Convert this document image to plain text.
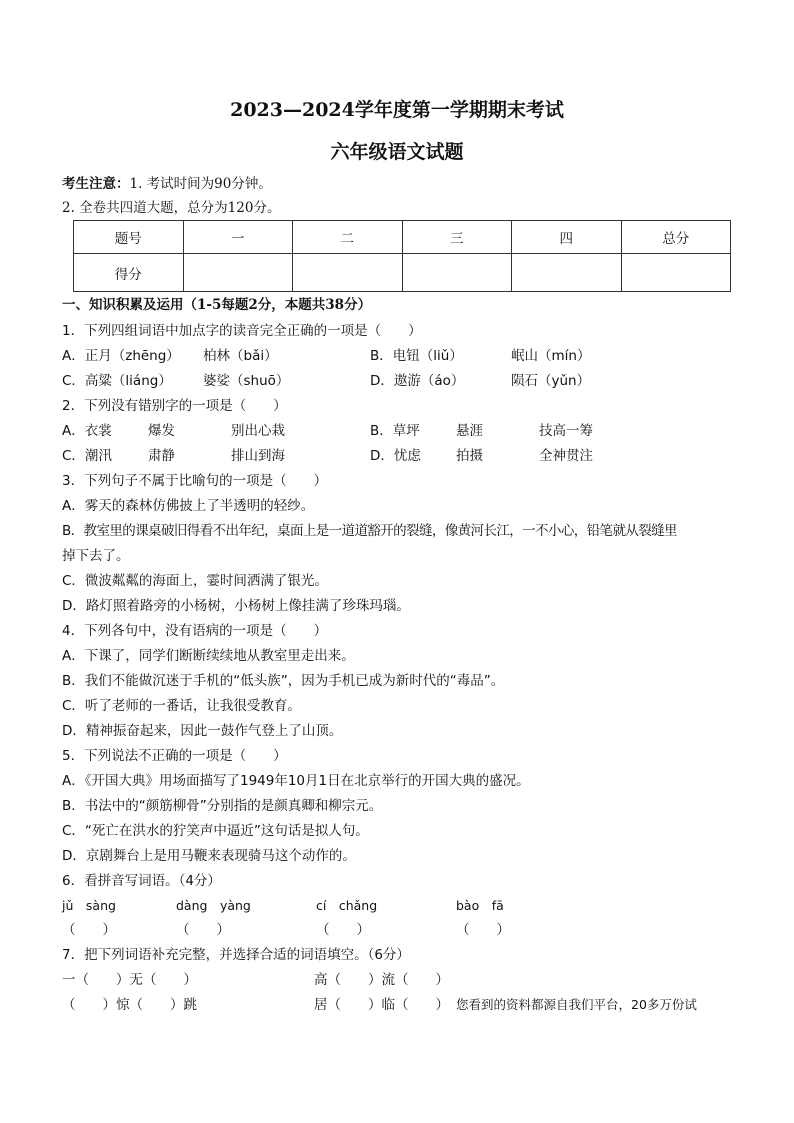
2023—2024学年度第一学期期末考试
六年级语文试题
考生注意：1. 考试时间为90分钟。
2. 全卷共四道大题，总分为120分。
题号	一	二	三	四	总分
得分					
一、知识积累及运用（1-5每题2分，本题共38分）
1．下列四组词语中加点字的读音完全正确的一项是（　　）
A．正月（zhēng） 柏林（bǎi）	B．电钮（liǔ）	岷山（mín）
C．高粱（liáng） 婆娑（shuō）	D．遨游（áo）	陨石（yǔn）
2．下列没有错别字的一项是（　　）
A．衣裳	爆发	别出心栽	B．草坪	悬涯	技高一筹
C．潮汛	肃静	排山到海	D．忧虑	拍摄	全神贯注
3．下列句子不属于比喻句的一项是（　　）
A．雾天的森林仿佛披上了半透明的轻纱。
B．教室里的课桌破旧得看不出年纪，桌面上是一道道豁开的裂缝，像黄河长江，一不小心，铅笔就从裂缝里
掉下去了。
C．微波粼粼的海面上，霎时间洒满了银光。
D．路灯照着路旁的小杨树，小杨树上像挂满了珍珠玛瑙。
4．下列各句中，没有语病的一项是（　　）
A．下课了，同学们断断续续地从教室里走出来。
B．我们不能做沉迷于手机的“低头族”，因为手机已成为新时代的“毒品”。
C．听了老师的一番话，让我很受教育。
D．精神振奋起来，因此一鼓作气登上了山顶。
5．下列说法不正确的一项是（　　）
A．《开国大典》用场面描写了1949年10月1日在北京举行的开国大典的盛况。
B．书法中的“颜筋柳骨”分别指的是颜真卿和柳宗元。
C．“死亡在洪水的狞笑声中逼近”这句话是拟人句。
D．京剧舞台上是用马鞭来表现骑马这个动作的。
6．看拼音写词语。（4分）
jǔ　sàng	dàng　yàng	cí　chǎng	bào　fā
（　　）	（　　）	（　　）	（　　）
7．把下列词语补充完整，并选择合适的词语填空。（6分）
一（　　）无（　　）	高（　　）流（　　）
（　　）惊（　　）跳	居（　　）临（　　） 您看到的资料都源自我们平台，20多万份试
